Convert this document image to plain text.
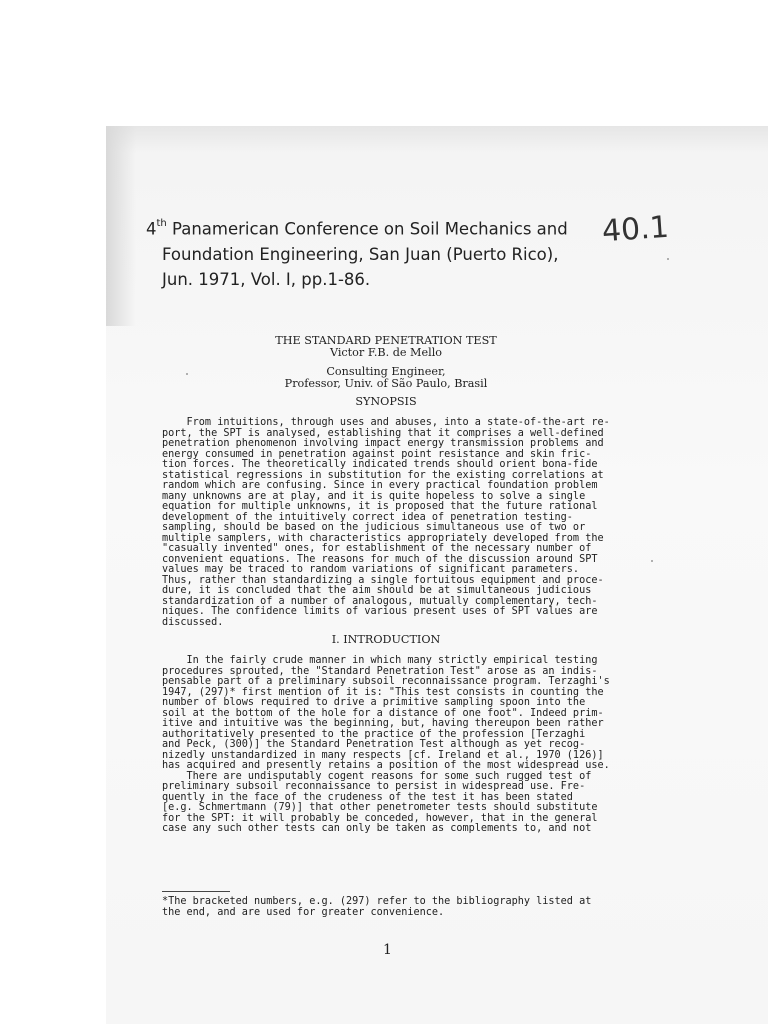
4th Panamerican Conference on Soil Mechanics and
Foundation Engineering, San Juan (Puerto Rico),
Jun. 1971, Vol. I, pp.1-86.
40.1
THE STANDARD PENETRATION TEST
Victor F.B. de Mello
Consulting Engineer,
Professor, Univ. of São Paulo, Brasil
SYNOPSIS
From intuitions, through uses and abuses, into a state-of-the-art re-
port, the SPT is analysed, establishing that it comprises a well-defined
penetration phenomenon involving impact energy transmission problems and
energy consumed in penetration against point resistance and skin fric-
tion forces. The theoretically indicated trends should orient bona-fide
statistical regressions in substitution for the existing correlations at
random which are confusing. Since in every practical foundation problem
many unknowns are at play, and it is quite hopeless to solve a single
equation for multiple unknowns, it is proposed that the future rational
development of the intuitively correct idea of penetration testing-
sampling, should be based on the judicious simultaneous use of two or
multiple samplers, with characteristics appropriately developed from the
"casually invented" ones, for establishment of the necessary number of
convenient equations. The reasons for much of the discussion around SPT
values may be traced to random variations of significant parameters.
Thus, rather than standardizing a single fortuitous equipment and proce-
dure, it is concluded that the aim should be at simultaneous judicious
standardization of a number of analogous, mutually complementary, tech-
niques. The confidence limits of various present uses of SPT values are
discussed.
I. INTRODUCTION
In the fairly crude manner in which many strictly empirical testing
procedures sprouted, the "Standard Penetration Test" arose as an indis-
pensable part of a preliminary subsoil reconnaissance program. Terzaghi's
1947, (297)* first mention of it is: "This test consists in counting the
number of blows required to drive a primitive sampling spoon into the
soil at the bottom of the hole for a distance of one foot". Indeed prim-
itive and intuitive was the beginning, but, having thereupon been rather
authoritatively presented to the practice of the profession [Terzaghi
and Peck, (300)] the Standard Penetration Test although as yet recog-
nizedly unstandardized in many respects [cf. Ireland et al., 1970 (126)]
has acquired and presently retains a position of the most widespread use.
There are undisputably cogent reasons for some such rugged test of
preliminary subsoil reconnaissance to persist in widespread use. Fre-
quently in the face of the crudeness of the test it has been stated
[e.g. Schmertmann (79)] that other penetrometer tests should substitute
for the SPT: it will probably be conceded, however, that in the general
case any such other tests can only be taken as complements to, and not
*The bracketed numbers, e.g. (297) refer to the bibliography listed at
the end, and are used for greater convenience.
1
